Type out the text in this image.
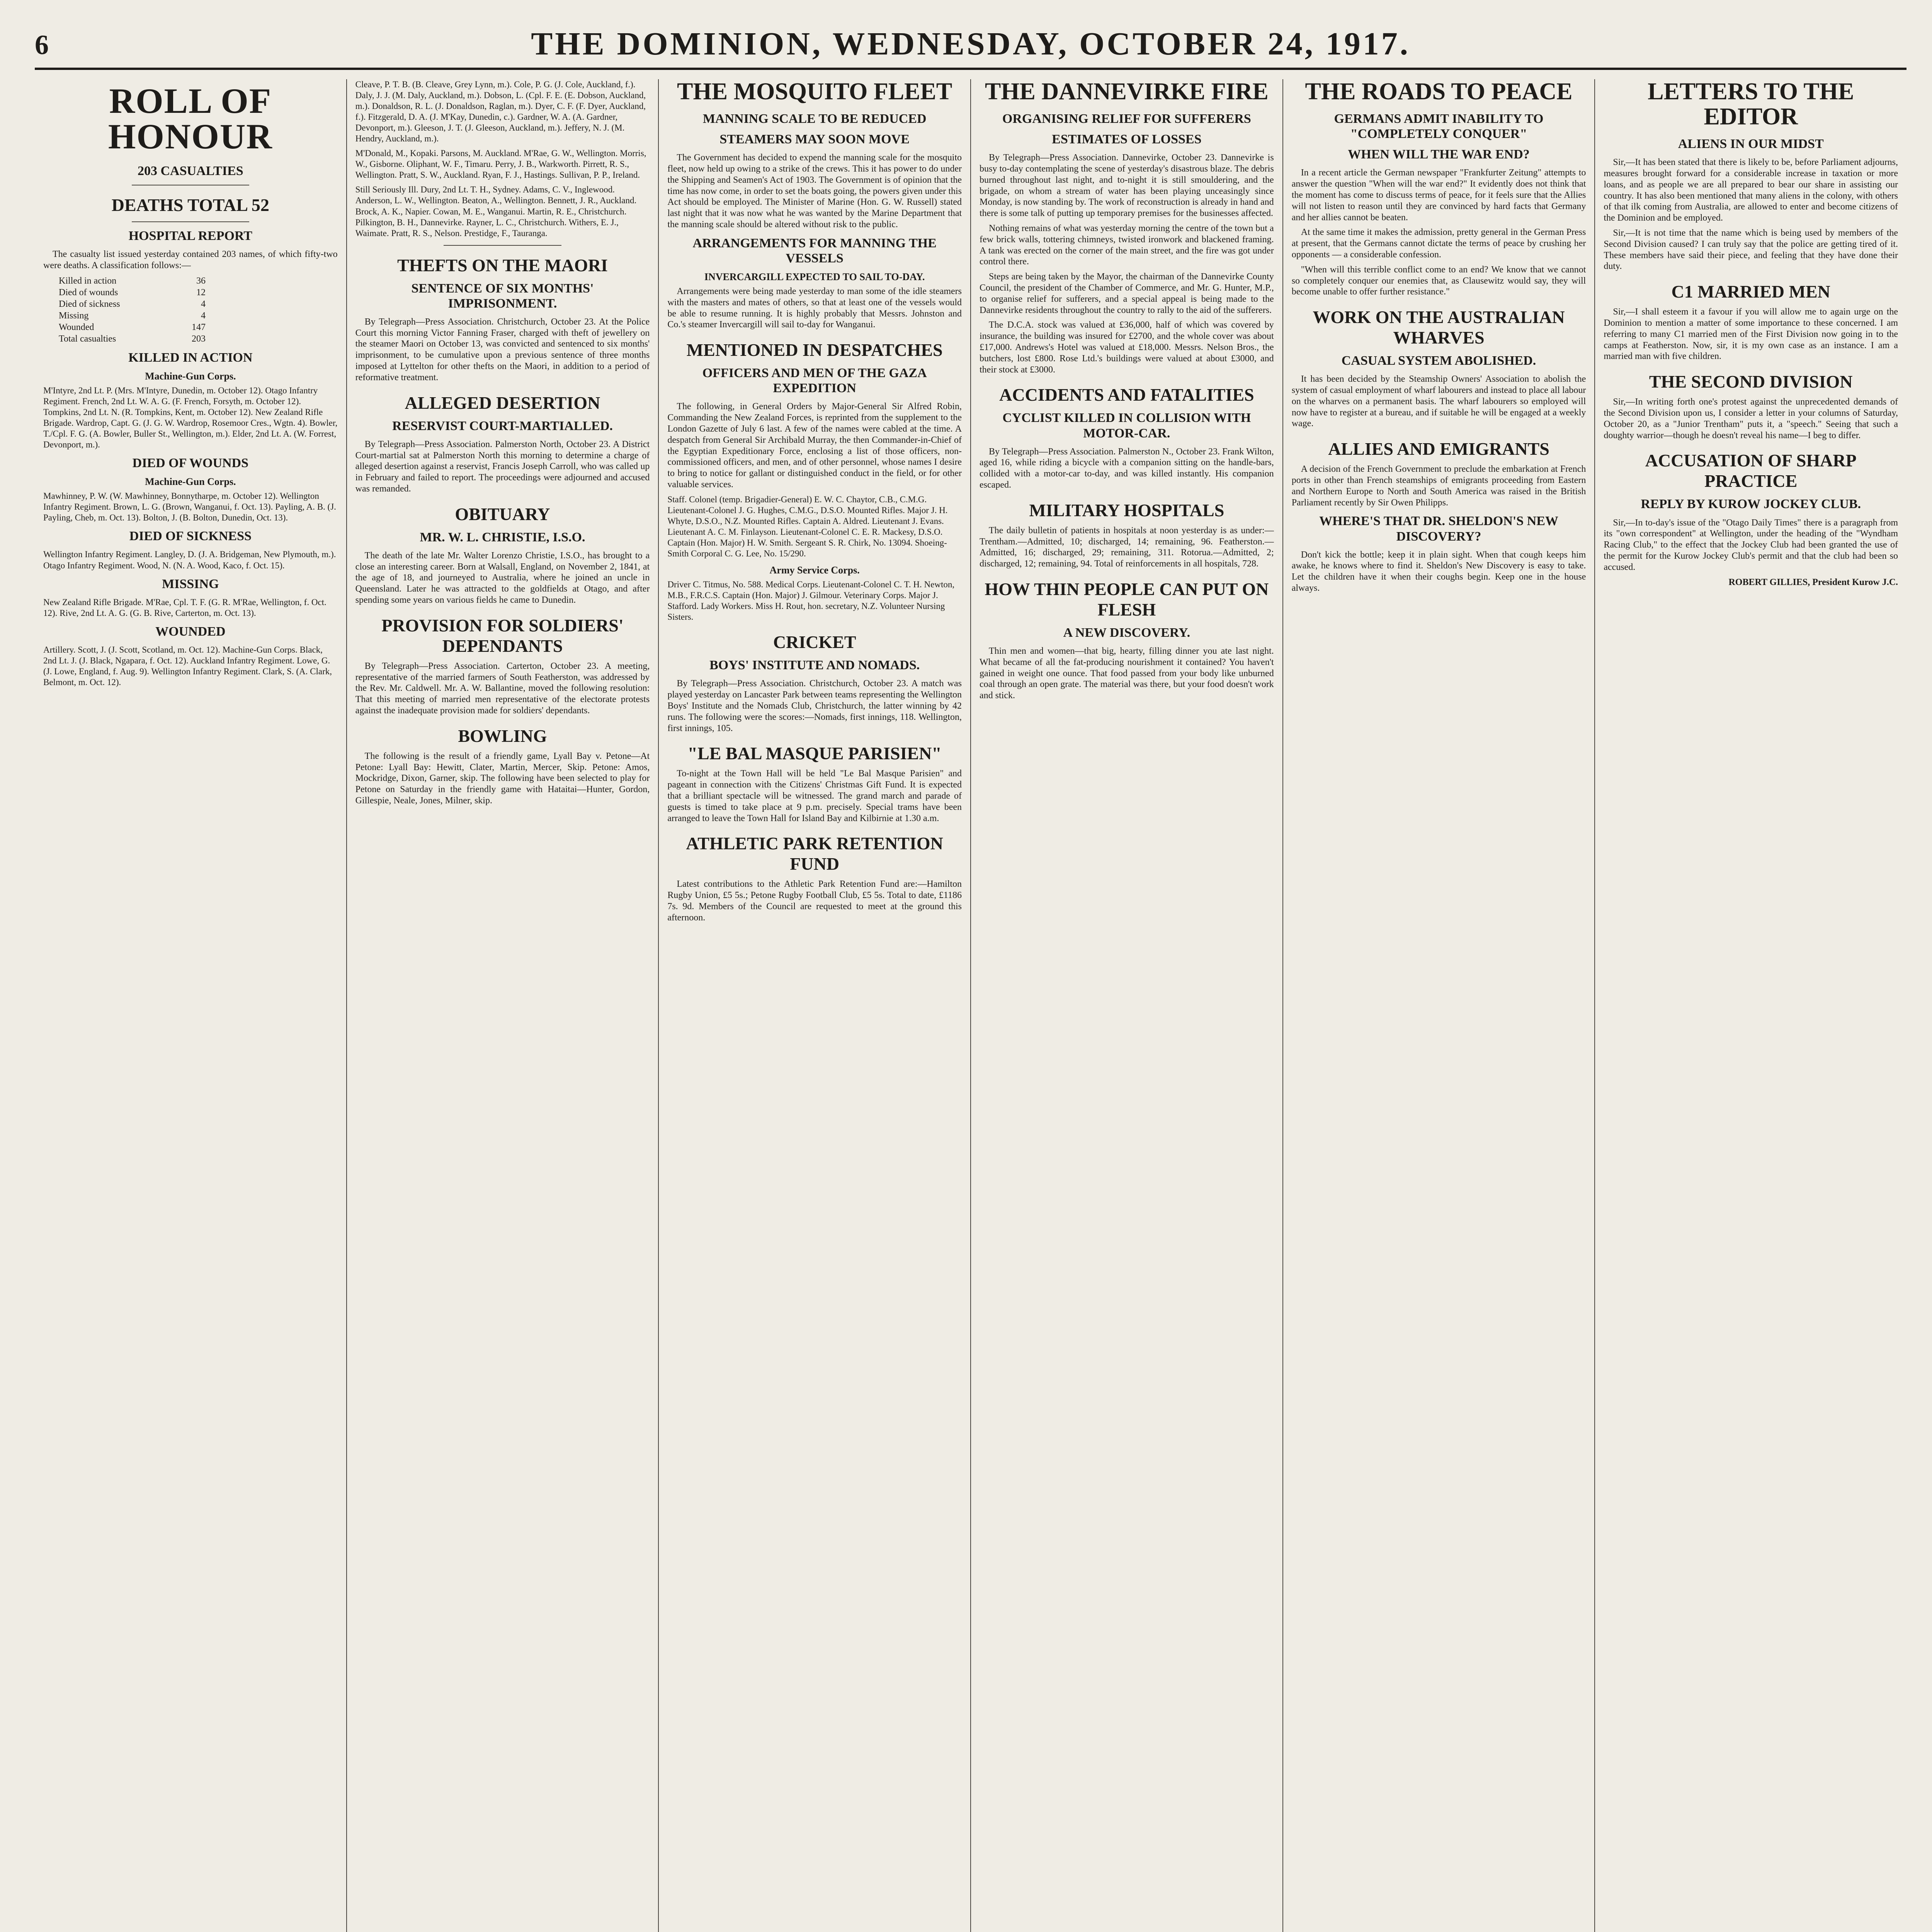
6	THE DOMINION, WEDNESDAY, OCTOBER 24, 1917.
ROLL OF HONOUR
203 CASUALTIES
DEATHS TOTAL 52
HOSPITAL REPORT

The casualty list issued yesterday contained 203 names, of which fifty-two were deaths. A classification follows:—

Killed in action	36
Died of wounds	12
Died of sickness	4
Missing	4
Wounded	147
Total casualties	203
KILLED IN ACTION
Machine-Gun Corps.

M'Intyre, 2nd Lt. P. (Mrs. M'Intyre, Dunedin, m. October 12). Otago Infantry Regiment. French, 2nd Lt. W. A. G. (F. French, Forsyth, m. October 12). Tompkins, 2nd Lt. N. (R. Tompkins, Kent, m. October 12). New Zealand Rifle Brigade. Wardrop, Capt. G. (J. G. W. Wardrop, Rosemoor Cres., Wgtn. 4). Bowler, T./Cpl. F. G. (A. Bowler, Buller St., Wellington, m.). Elder, 2nd Lt. A. (W. Forrest, Devonport, m.).

DIED OF WOUNDS
Machine-Gun Corps.

Mawhinney, P. W. (W. Mawhinney, Bonnytharpe, m. October 12). Wellington Infantry Regiment. Brown, L. G. (Brown, Wanganui, f. Oct. 13). Payling, A. B. (J. Payling, Cheb, m. Oct. 13). Bolton, J. (B. Bolton, Dunedin, Oct. 13).

DIED OF SICKNESS

Wellington Infantry Regiment. Langley, D. (J. A. Bridgeman, New Plymouth, m.). Otago Infantry Regiment. Wood, N. (N. A. Wood, Kaco, f. Oct. 15).

MISSING

New Zealand Rifle Brigade. M'Rae, Cpl. T. F. (G. R. M'Rae, Wellington, f. Oct. 12). Rive, 2nd Lt. A. G. (G. B. Rive, Carterton, m. Oct. 13).

WOUNDED

Artillery. Scott, J. (J. Scott, Scotland, m. Oct. 12). Machine-Gun Corps. Black, 2nd Lt. J. (J. Black, Ngapara, f. Oct. 12). Auckland Infantry Regiment. Lowe, G. (J. Lowe, England, f. Aug. 9). Wellington Infantry Regiment. Clark, S. (A. Clark, Belmont, m. Oct. 12).

Cleave, P. T. B. (B. Cleave, Grey Lynn, m.). Cole, P. G. (J. Cole, Auckland, f.). Daly, J. J. (M. Daly, Auckland, m.). Dobson, L. (Cpl. F. E. (E. Dobson, Auckland, m.). Donaldson, R. L. (J. Donaldson, Raglan, m.). Dyer, C. F. (F. Dyer, Auckland, f.). Fitzgerald, D. A. (J. M'Kay, Dunedin, c.). Gardner, W. A. (A. Gardner, Devonport, m.). Gleeson, J. T. (J. Gleeson, Auckland, m.). Jeffery, N. J. (M. Hendry, Auckland, m.).

M'Donald, M., Kopaki. Parsons, M. Auckland. M'Rae, G. W., Wellington. Morris, W., Gisborne. Oliphant, W. F., Timaru. Perry, J. B., Warkworth. Pirrett, R. S., Wellington. Pratt, S. W., Auckland. Ryan, F. J., Hastings. Sullivan, P. P., Ireland.

Still Seriously Ill. Dury, 2nd Lt. T. H., Sydney. Adams, C. V., Inglewood. Anderson, L. W., Wellington. Beaton, A., Wellington. Bennett, J. R., Auckland. Brock, A. K., Napier. Cowan, M. E., Wanganui. Martin, R. E., Christchurch. Pilkington, B. H., Dannevirke. Rayner, L. C., Christchurch. Withers, E. J., Waimate. Pratt, R. S., Nelson. Prestidge, F., Tauranga.

THEFTS ON THE MAORI
SENTENCE OF SIX MONTHS' IMPRISONMENT.

By Telegraph—Press Association. Christchurch, October 23. At the Police Court this morning Victor Fanning Fraser, charged with theft of jewellery on the steamer Maori on October 13, was convicted and sentenced to six months' imprisonment, to be cumulative upon a previous sentence of three months imposed at Lyttelton for other thefts on the Maori, in addition to a period of reformative treatment.

ALLEGED DESERTION
RESERVIST COURT-MARTIALLED.

By Telegraph—Press Association. Palmerston North, October 23. A District Court-martial sat at Palmerston North this morning to determine a charge of alleged desertion against a reservist, Francis Joseph Carroll, who was called up in February and failed to report. The proceedings were adjourned and accused was remanded.

OBITUARY
MR. W. L. CHRISTIE, I.S.O.

The death of the late Mr. Walter Lorenzo Christie, I.S.O., has brought to a close an interesting career. Born at Walsall, England, on November 2, 1841, at the age of 18, and journeyed to Australia, where he joined an uncle in Queensland. Later he was attracted to the goldfields at Otago, and after spending some years on various fields he came to Dunedin.

PROVISION FOR SOLDIERS' DEPENDANTS

By Telegraph—Press Association. Carterton, October 23. A meeting, representative of the married farmers of South Featherston, was addressed by the Rev. Mr. Caldwell. Mr. A. W. Ballantine, moved the following resolution: That this meeting of married men representative of the electorate protests against the inadequate provision made for soldiers' dependants.

BOWLING

The following is the result of a friendly game, Lyall Bay v. Petone—At Petone: Lyall Bay: Hewitt, Clater, Martin, Mercer, Skip. Petone: Amos, Mockridge, Dixon, Garner, skip. The following have been selected to play for Petone on Saturday in the friendly game with Hataitai—Hunter, Gordon, Gillespie, Neale, Jones, Milner, skip.

THE MOSQUITO FLEET
MANNING SCALE TO BE REDUCED
STEAMERS MAY SOON MOVE

The Government has decided to expend the manning scale for the mosquito fleet, now held up owing to a strike of the crews. This it has power to do under the Shipping and Seamen's Act of 1903. The Government is of opinion that the time has now come, in order to set the boats going, the powers given under this Act should be employed. The Minister of Marine (Hon. G. W. Russell) stated last night that it was now what he was wanted by the Marine Department that the manning scale should be altered without risk to the public.

ARRANGEMENTS FOR MANNING THE VESSELS
INVERCARGILL EXPECTED TO SAIL TO-DAY.

Arrangements were being made yesterday to man some of the idle steamers with the masters and mates of others, so that at least one of the vessels would be able to resume running. It is highly probably that Messrs. Johnston and Co.'s steamer Invercargill will sail to-day for Wanganui.

MENTIONED IN DESPATCHES
OFFICERS AND MEN OF THE GAZA EXPEDITION

The following, in General Orders by Major-General Sir Alfred Robin, Commanding the New Zealand Forces, is reprinted from the supplement to the London Gazette of July 6 last. A few of the names were cabled at the time. A despatch from General Sir Archibald Murray, the then Commander-in-Chief of the Egyptian Expeditionary Force, enclosing a list of those officers, non-commissioned officers, and men, and of other personnel, whose names I desire to bring to notice for gallant or distinguished conduct in the field, or for other valuable services.

Staff. Colonel (temp. Brigadier-General) E. W. C. Chaytor, C.B., C.M.G. Lieutenant-Colonel J. G. Hughes, C.M.G., D.S.O. Mounted Rifles. Major J. H. Whyte, D.S.O., N.Z. Mounted Rifles. Captain A. Aldred. Lieutenant J. Evans. Lieutenant A. C. M. Finlayson. Lieutenant-Colonel C. E. R. Mackesy, D.S.O. Captain (Hon. Major) H. W. Smith. Sergeant S. R. Chirk, No. 13094. Shoeing-Smith Corporal C. G. Lee, No. 15/290.

Army Service Corps.

Driver C. Titmus, No. 588. Medical Corps. Lieutenant-Colonel C. T. H. Newton, M.B., F.R.C.S. Captain (Hon. Major) J. Gilmour. Veterinary Corps. Major J. Stafford. Lady Workers. Miss H. Rout, hon. secretary, N.Z. Volunteer Nursing Sisters.

CRICKET
BOYS' INSTITUTE AND NOMADS.

By Telegraph—Press Association. Christchurch, October 23. A match was played yesterday on Lancaster Park between teams representing the Wellington Boys' Institute and the Nomads Club, Christchurch, the latter winning by 42 runs. The following were the scores:—Nomads, first innings, 118. Wellington, first innings, 105.

"LE BAL MASQUE PARISIEN"

To-night at the Town Hall will be held "Le Bal Masque Parisien" and pageant in connection with the Citizens' Christmas Gift Fund. It is expected that a brilliant spectacle will be witnessed. The grand march and parade of guests is timed to take place at 9 p.m. precisely. Special trams have been arranged to leave the Town Hall for Island Bay and Kilbirnie at 1.30 a.m.

ATHLETIC PARK RETENTION FUND

Latest contributions to the Athletic Park Retention Fund are:—Hamilton Rugby Union, £5 5s.; Petone Rugby Football Club, £5 5s. Total to date, £1186 7s. 9d. Members of the Council are requested to meet at the ground this afternoon.

THE DANNEVIRKE FIRE
ORGANISING RELIEF FOR SUFFERERS
ESTIMATES OF LOSSES

By Telegraph—Press Association. Dannevirke, October 23. Dannevirke is busy to-day contemplating the scene of yesterday's disastrous blaze. The debris burned throughout last night, and to-night it is still smouldering, and the brigade, on whom a stream of water has been playing unceasingly since Monday, is now standing by. The work of reconstruction is already in hand and there is some talk of putting up temporary premises for the businesses affected.

Nothing remains of what was yesterday morning the centre of the town but a few brick walls, tottering chimneys, twisted ironwork and blackened framing. A tank was erected on the corner of the main street, and the fire was got under control there.

Steps are being taken by the Mayor, the chairman of the Dannevirke County Council, the president of the Chamber of Commerce, and Mr. G. Hunter, M.P., to organise relief for sufferers, and a special appeal is being made to the Dannevirke residents throughout the country to rally to the aid of the sufferers.

The D.C.A. stock was valued at £36,000, half of which was covered by insurance, the building was insured for £2700, and the whole cover was about £17,000. Andrews's Hotel was valued at £18,000. Messrs. Nelson Bros., the butchers, lost £800. Rose Ltd.'s buildings were valued at about £3000, and their stock at £3000.

ACCIDENTS AND FATALITIES
CYCLIST KILLED IN COLLISION WITH MOTOR-CAR.

By Telegraph—Press Association. Palmerston N., October 23. Frank Wilton, aged 16, while riding a bicycle with a companion sitting on the handle-bars, collided with a motor-car to-day, and was killed instantly. His companion escaped.

MILITARY HOSPITALS

The daily bulletin of patients in hospitals at noon yesterday is as under:— Trentham.—Admitted, 10; discharged, 14; remaining, 96. Featherston.—Admitted, 16; discharged, 29; remaining, 311. Rotorua.—Admitted, 2; discharged, 12; remaining, 94. Total of reinforcements in all hospitals, 728.

HOW THIN PEOPLE CAN PUT ON FLESH
A NEW DISCOVERY.

Thin men and women—that big, hearty, filling dinner you ate last night. What became of all the fat-producing nourishment it contained? You haven't gained in weight one ounce. That food passed from your body like unburned coal through an open grate. The material was there, but your food doesn't work and stick.

THE ROADS TO PEACE
GERMANS ADMIT INABILITY TO "COMPLETELY CONQUER"
WHEN WILL THE WAR END?

In a recent article the German newspaper "Frankfurter Zeitung" attempts to answer the question "When will the war end?" It evidently does not think that the moment has come to discuss terms of peace, for it feels sure that the Allies will not listen to reason until they are convinced by hard facts that Germany and her allies cannot be beaten.

At the same time it makes the admission, pretty general in the German Press at present, that the Germans cannot dictate the terms of peace by crushing her opponents — a considerable confession.

"When will this terrible conflict come to an end? We know that we cannot so completely conquer our enemies that, as Clausewitz would say, they will become unable to offer further resistance."

WORK ON THE AUSTRALIAN WHARVES
CASUAL SYSTEM ABOLISHED.

It has been decided by the Steamship Owners' Association to abolish the system of casual employment of wharf labourers and instead to place all labour on the wharves on a permanent basis. The wharf labourers so employed will now have to register at a bureau, and if suitable he will be engaged at a weekly wage.

ALLIES AND EMIGRANTS

A decision of the French Government to preclude the embarkation at French ports in other than French steamships of emigrants proceeding from Eastern and Northern Europe to North and South America was raised in the British Parliament recently by Sir Owen Philipps.

WHERE'S THAT DR. SHELDON'S NEW DISCOVERY?

Don't kick the bottle; keep it in plain sight. When that cough keeps him awake, he knows where to find it. Sheldon's New Discovery is easy to take. Let the children have it when their coughs begin. Keep one in the house always.

LETTERS TO THE EDITOR
ALIENS IN OUR MIDST

Sir,—It has been stated that there is likely to be, before Parliament adjourns, measures brought forward for a considerable increase in taxation or more loans, and as people we are all prepared to bear our share in assisting our country. It has also been mentioned that many aliens in the colony, with others of that ilk coming from Australia, are allowed to enter and become citizens of the Dominion and be employed.

Sir,—It is not time that the name which is being used by members of the Second Division caused? I can truly say that the police are getting tired of it. These members have said their piece, and feeling that they have done their duty.

C1 MARRIED MEN

Sir,—I shall esteem it a favour if you will allow me to again urge on the Dominion to mention a matter of some importance to these concerned. I am referring to many C1 married men of the First Division now going in to the camps at Featherston. Now, sir, it is my own case as an instance. I am a married man with five children.

THE SECOND DIVISION

Sir,—In writing forth one's protest against the unprecedented demands of the Second Division upon us, I consider a letter in your columns of Saturday, October 20, as a "Junior Trentham" puts it, a "speech." Seeing that such a doughty warrior—though he doesn't reveal his name—I beg to differ.

ACCUSATION OF SHARP PRACTICE
REPLY BY KUROW JOCKEY CLUB.

Sir,—In to-day's issue of the "Otago Daily Times" there is a paragraph from its "own correspondent" at Wellington, under the heading of the "Wyndham Racing Club," to the effect that the Jockey Club had been granted the use of the permit for the Kurow Jockey Club's permit and that the club had been so accused.

ROBERT GILLIES, President Kurow J.C.
